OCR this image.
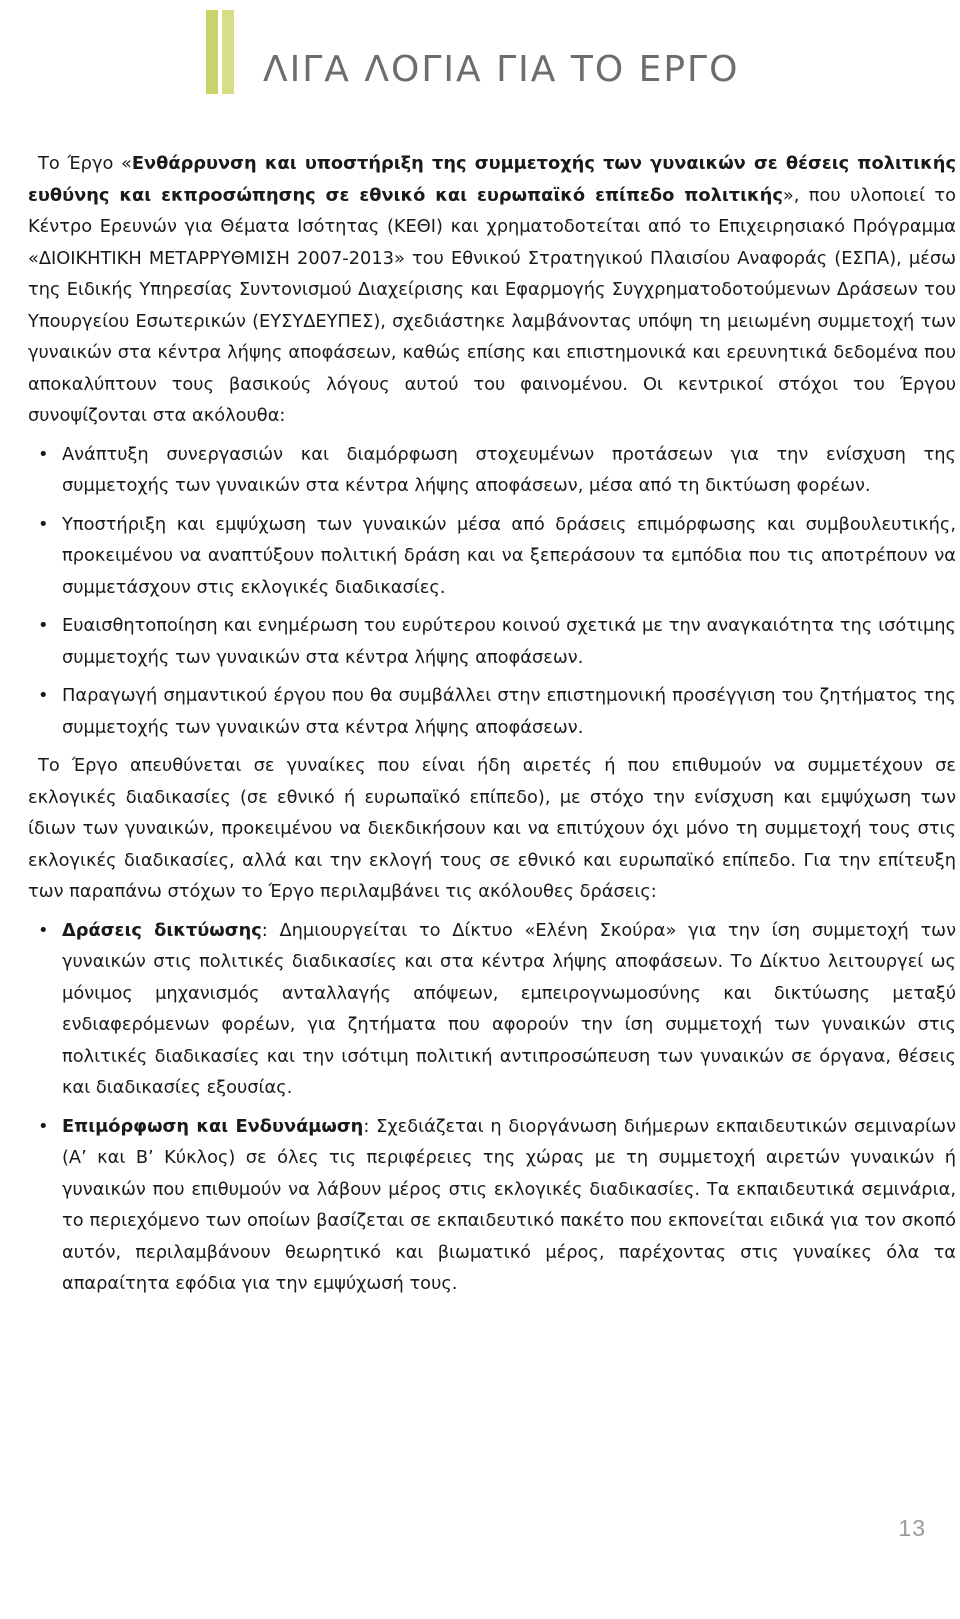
ΛΙΓΑ ΛΟΓΙΑ ΓΙΑ ΤΟ ΕΡΓΟ

Το Έργο «Ενθάρρυνση και υποστήριξη της συμμετοχής των γυναικών σε θέσεις πολιτικής ευθύνης και εκπροσώπησης σε εθνικό και ευρωπαϊκό επίπεδο πολιτικής», που υλοποιεί το Κέντρο Ερευνών για Θέματα Ισότητας (ΚΕΘΙ) και χρηματοδοτείται από το Επιχειρησιακό Πρόγραμμα «ΔΙΟΙΚΗΤΙΚΗ ΜΕΤΑΡΡΥΘΜΙΣΗ 2007-2013» του Εθνικού Στρατηγικού Πλαισίου Αναφοράς (ΕΣΠΑ), μέσω της Ειδικής Υπηρεσίας Συντονισμού Διαχείρισης και Εφαρμογής Συγχρηματοδοτούμενων Δράσεων του Υπουργείου Εσωτερικών (ΕΥΣΥΔΕΥΠΕΣ), σχεδιάστηκε λαμβάνοντας υπόψη τη μειωμένη συμμετοχή των γυναικών στα κέντρα λήψης αποφάσεων, καθώς επίσης και επιστημονικά και ερευνητικά δεδομένα που αποκαλύπτουν τους βασικούς λόγους αυτού του φαινομένου. Οι κεντρικοί στόχοι του Έργου συνοψίζονται στα ακόλουθα:

• Ανάπτυξη συνεργασιών και διαμόρφωση στοχευμένων προτάσεων για την ενίσχυση της συμμετοχής των γυναικών στα κέντρα λήψης αποφάσεων, μέσα από τη δικτύωση φορέων.
• Υποστήριξη και εμψύχωση των γυναικών μέσα από δράσεις επιμόρφωσης και συμβουλευτικής, προκειμένου να αναπτύξουν πολιτική δράση και να ξεπεράσουν τα εμπόδια που τις αποτρέπουν να συμμετάσχουν στις εκλογικές διαδικασίες.
• Ευαισθητοποίηση και ενημέρωση του ευρύτερου κοινού σχετικά με την αναγκαιότητα της ισότιμης συμμετοχής των γυναικών στα κέντρα λήψης αποφάσεων.
• Παραγωγή σημαντικού έργου που θα συμβάλλει στην επιστημονική προσέγγιση του ζητήματος της συμμετοχής των γυναικών στα κέντρα λήψης αποφάσεων.

Το Έργο απευθύνεται σε γυναίκες που είναι ήδη αιρετές ή που επιθυμούν να συμμετέχουν σε εκλογικές διαδικασίες (σε εθνικό ή ευρωπαϊκό επίπεδο), με στόχο την ενίσχυση και εμψύχωση των ίδιων των γυναικών, προκειμένου να διεκδικήσουν και να επιτύχουν όχι μόνο τη συμμετοχή τους στις εκλογικές διαδικασίες, αλλά και την εκλογή τους σε εθνικό και ευρωπαϊκό επίπεδο. Για την επίτευξη των παραπάνω στόχων το Έργο περιλαμβάνει τις ακόλουθες δράσεις:

• Δράσεις δικτύωσης: Δημιουργείται το Δίκτυο «Ελένη Σκούρα» για την ίση συμμετοχή των γυναικών στις πολιτικές διαδικασίες και στα κέντρα λήψης αποφάσεων. Το Δίκτυο λειτουργεί ως μόνιμος μηχανισμός ανταλλαγής απόψεων, εμπειρογνωμοσύνης και δικτύωσης μεταξύ ενδιαφερόμενων φορέων, για ζητήματα που αφορούν την ίση συμμετοχή των γυναικών στις πολιτικές διαδικασίες και την ισότιμη πολιτική αντιπροσώπευση των γυναικών σε όργανα, θέσεις και διαδικασίες εξουσίας.
• Επιμόρφωση και Ενδυνάμωση: Σχεδιάζεται η διοργάνωση διήμερων εκπαιδευτικών σεμιναρίων (Α’ και Β’ Κύκλος) σε όλες τις περιφέρειες της χώρας με τη συμμετοχή αιρετών γυναικών ή γυναικών που επιθυμούν να λάβουν μέρος στις εκλογικές διαδικασίες. Τα εκπαιδευτικά σεμινάρια, το περιεχόμενο των οποίων βασίζεται σε εκπαιδευτικό πακέτο που εκπονείται ειδικά για τον σκοπό αυτόν, περιλαμβάνουν θεωρητικό και βιωματικό μέρος, παρέχοντας στις γυναίκες όλα τα απαραίτητα εφόδια για την εμψύχωσή τους.
13
